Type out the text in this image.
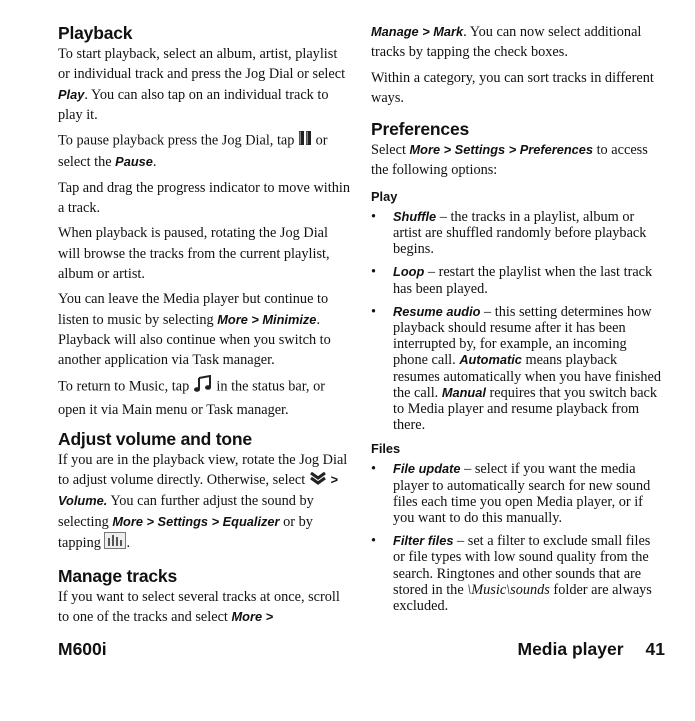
Playback

To start playback, select an album, artist, playlist or individual track and press the Jog Dial or select Play. You can also tap on an individual track to play it.

To pause playback press the Jog Dial, tap  or select the Pause.

Tap and drag the progress indicator to move within a track.

When playback is paused, rotating the Jog Dial will browse the tracks from the current playlist, album or artist.

You can leave the Media player but continue to listen to music by selecting More > Minimize. Playback will also continue when you switch to another application via Task manager.

To return to Music, tap  in the status bar, or open it via Main menu or Task manager.

Adjust volume and tone

If you are in the playback view, rotate the Jog Dial to adjust volume directly. Otherwise, select  > Volume. You can further adjust the sound by selecting More > Settings > Equalizer or by tapping .

Manage tracks

If you want to select several tracks at once, scroll to one of the tracks and select More >

Manage > Mark. You can now select additional tracks by tapping the check boxes.

Within a category, you can sort tracks in different ways.

Preferences

Select More > Settings > Preferences to access the following options:

Play
• Shuffle – the tracks in a playlist, album or artist are shuffled randomly before playback begins.
• Loop – restart the playlist when the last track has been played.
• Resume audio – this setting determines how playback should resume after it has been interrupted by, for example, an incoming phone call. Automatic means playback resumes automatically when you have finished the call. Manual requires that you switch back to Media player and resume playback from there.
Files
• File update – select if you want the media player to automatically search for new sound files each time you open Media player, or if you want to do this manually.
• Filter files – set a filter to exclude small files or file types with low sound quality from the search. Ringtones and other sounds that are stored in the \Music\sounds folder are always excluded.
M600i	Media player 41
